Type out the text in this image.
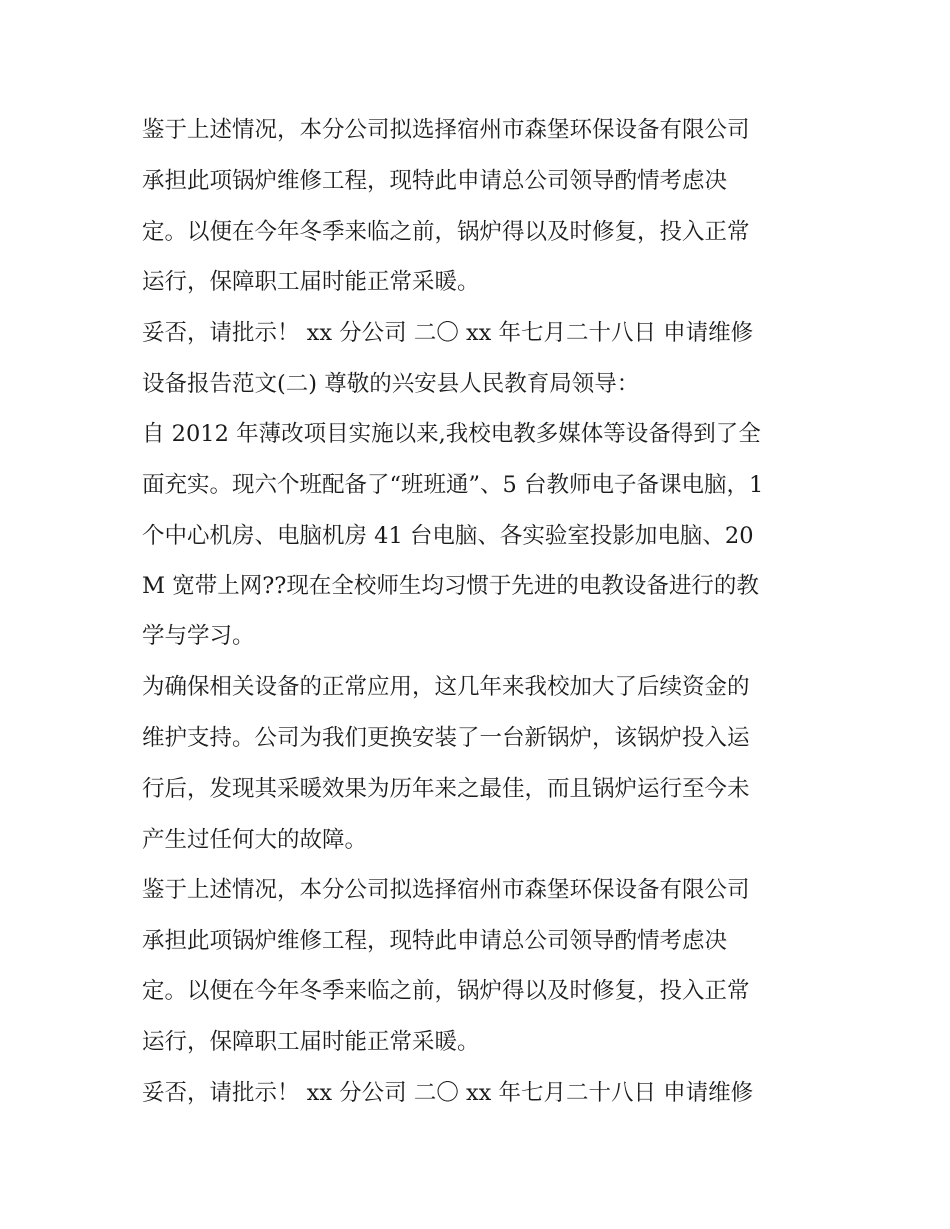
鉴于上述情况，本分公司拟选择宿州市森堡环保设备有限公司
承担此项锅炉维修工程，现特此申请总公司领导酌情考虑决
定。以便在今年冬季来临之前，锅炉得以及时修复，投入正常
运行，保障职工届时能正常采暖。
妥否，请批示！ xx 分公司 二〇 xx 年七月二十八日 申请维修
设备报告范文(二) 尊敬的兴安县人民教育局领导：
自 2012 年薄改项目实施以来,我校电教多媒体等设备得到了全
面充实。现六个班配备了“班班通”、5 台教师电子备课电脑，1
个中心机房、电脑机房 41 台电脑、各实验室投影加电脑、20
M 宽带上网??现在全校师生均习惯于先进的电教设备进行的教
学与学习。
为确保相关设备的正常应用，这几年来我校加大了后续资金的
维护支持。公司为我们更换安装了一台新锅炉，该锅炉投入运
行后，发现其采暖效果为历年来之最佳，而且锅炉运行至今未
产生过任何大的故障。
鉴于上述情况，本分公司拟选择宿州市森堡环保设备有限公司
承担此项锅炉维修工程，现特此申请总公司领导酌情考虑决
定。以便在今年冬季来临之前，锅炉得以及时修复，投入正常
运行，保障职工届时能正常采暖。
妥否，请批示！ xx 分公司 二〇 xx 年七月二十八日 申请维修
